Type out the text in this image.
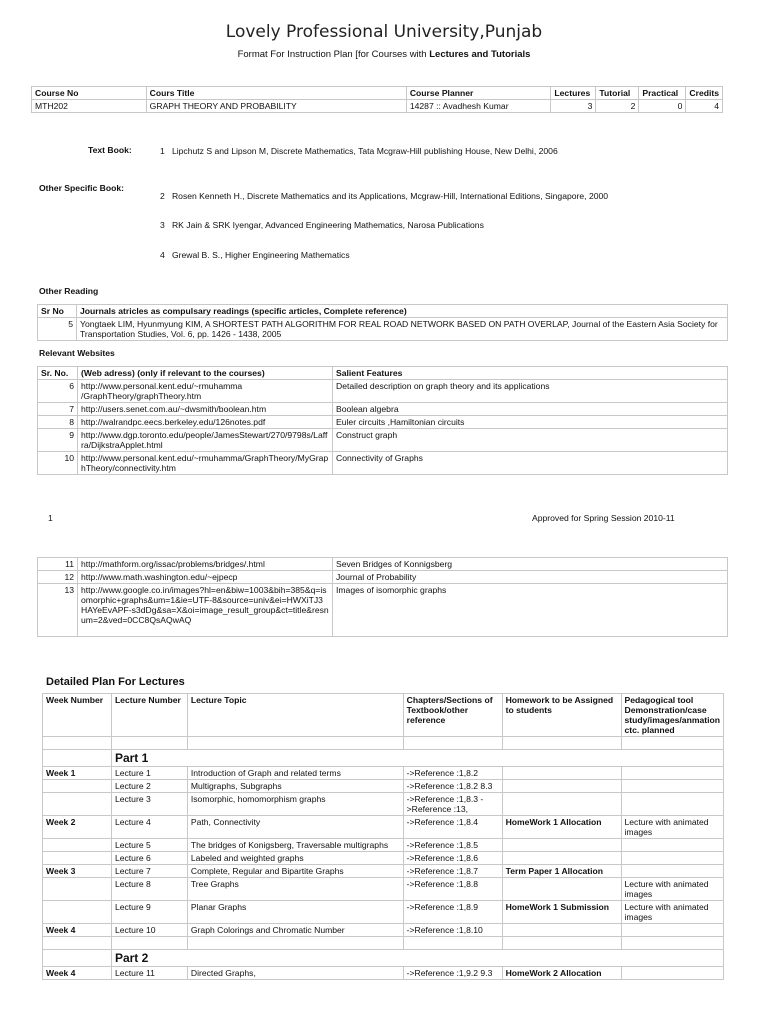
Lovely Professional University,Punjab
Format For Instruction Plan [for Courses with Lectures and Tutorials
Course No	Cours Title	Course Planner	Lectures	Tutorial	Practical	Credits
MTH202	GRAPH THEORY AND PROBABILITY	14287 :: Avadhesh Kumar	3	2	0	4
Text Book:	1 Lipchutz S and Lipson M, Discrete Mathematics, Tata Mcgraw-Hill publishing House, New Delhi, 2006
Other Specific Book:
2 Rosen Kenneth H., Discrete Mathematics and its Applications, Mcgraw-Hill, International Editions, Singapore, 2000
3 RK Jain & SRK Iyengar, Advanced Engineering Mathematics, Narosa Publications
4 Grewal B. S., Higher Engineering Mathematics
Other Reading
Sr No	Journals atricles as compulsary readings (specific articles, Complete reference)
5	Yongtaek LIM, Hyunmyung KIM, A SHORTEST PATH ALGORITHM FOR REAL ROAD NETWORK BASED ON PATH OVERLAP, Journal of the Eastern Asia Society for Transportation Studies, Vol. 6, pp. 1426 - 1438, 2005
Relevant Websites
Sr. No.	(Web adress) (only if relevant to the courses)	Salient Features
6	http://www.personal.kent.edu/~rmuhamma /GraphTheory/graphTheory.htm	Detailed description on graph theory and its applications
7	http://users.senet.com.au/~dwsmith/boolean.htm	Boolean algebra
8	http://walrandpc.eecs.berkeley.edu/126notes.pdf	Euler circuits ,Hamiltonian circuits
9	http://www.dgp.toronto.edu/people/JamesStewart/270/9798s/Laffra/DijkstraApplet.html	Construct graph
10	http://www.personal.kent.edu/~rmuhamma/GraphTheory/MyGraphTheory/connectivity.htm	Connectivity of Graphs
1	Approved for Spring Session 2010-11
11	http://mathform.org/issac/problems/bridges/.html	Seven Bridges of Konnigsberg
12	http://www.math.washington.edu/~ejpecp	Journal of Probability
13	http://www.google.co.in/images?hl=en&biw=1003&bih=385&q=isomorphic+graphs&um=1&ie=UTF-8&source=univ&ei=HWXiTJ3HAYeEvAPF-s3dDg&sa=X&oi=image_result_group&ct=title&resnum=2&ved=0CC8QsAQwAQ	Images of isomorphic graphs
Detailed Plan For Lectures
Week Number	Lecture Number	Lecture Topic	Chapters/Sections of Textbook/other reference	Homework to be Assigned to students	Pedagogical tool Demonstration/case study/images/anmation ctc. planned

	Part 1				
Week 1	Lecture 1	Introduction of Graph and related terms	->Reference :1,8.2		
	Lecture 2	Multigraphs, Subgraphs	->Reference :1,8.2 8.3		
	Lecture 3	Isomorphic, homomorphism graphs	->Reference :1,8.3 ->Reference :13,		
Week 2	Lecture 4	Path, Connectivity	->Reference :1,8.4	HomeWork 1 Allocation	Lecture with animated images
	Lecture 5	The bridges of Konigsberg, Traversable multigraphs	->Reference :1,8.5		
	Lecture 6	Labeled and weighted graphs	->Reference :1,8.6		
Week 3	Lecture 7	Complete, Regular and Bipartite Graphs	->Reference :1,8.7	Term Paper 1 Allocation	
	Lecture 8	Tree Graphs	->Reference :1,8.8		Lecture with animated images
	Lecture 9	Planar Graphs	->Reference :1,8.9	HomeWork 1 Submission	Lecture with animated images
Week 4	Lecture 10	Graph Colorings and Chromatic Number	->Reference :1,8.10		

	Part 2				
Week 4	Lecture 11	Directed Graphs,	->Reference :1,9.2 9.3	HomeWork 2 Allocation	
